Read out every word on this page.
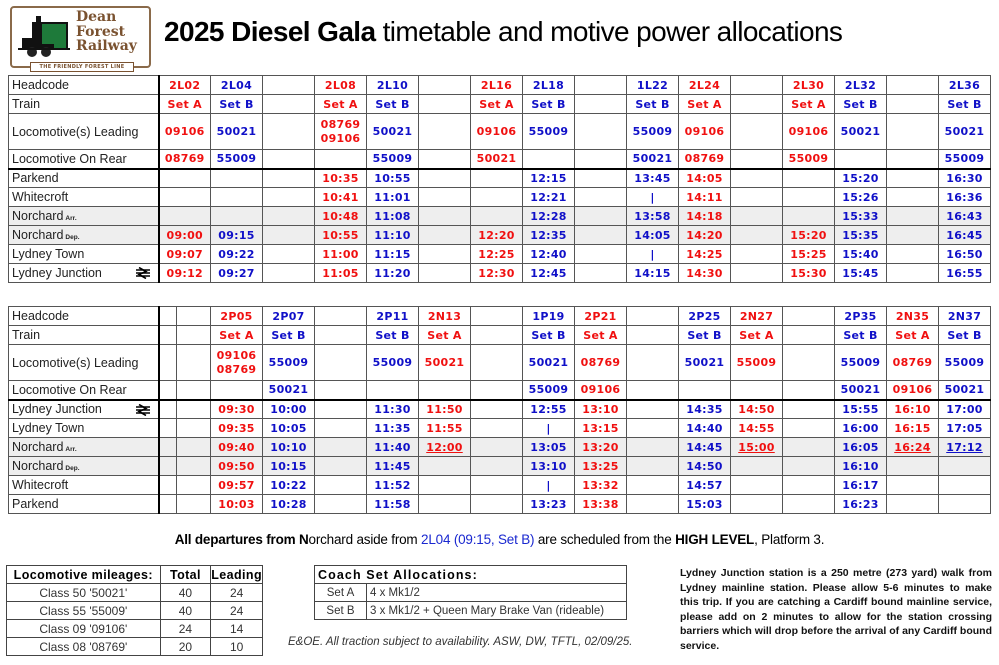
Dean
Forest
Railway
THE FRIENDLY FOREST LINE
2025 Diesel Gala timetable and motive power allocations
Headcode	2L02	2L04		2L08	2L10		2L16	2L18		1L22	2L24		2L30	2L32		2L36
Train	Set A	Set B		Set A	Set B		Set A	Set B		Set B	Set A		Set A	Set B		Set B
Locomotive(s) Leading	09106	50021		08769
09106	50021		09106	55009		55009	09106		09106	50021		50021

Locomotive On Rear	08769	55009			55009		50021			50021	08769		55009			55009
Parkend				10:35	10:55			12:15		13:45	14:05			15:20		16:30
Whitecroft				10:41	11:01			12:21		|	14:11			15:26		16:36
Norchard Arr.				10:48	11:08			12:28		13:58	14:18			15:33		16:43
Norchard Dep.	09:00	09:15		10:55	11:10		12:20	12:35		14:05	14:20		15:20	15:35		16:45
Lydney Town	09:07	09:22		11:00	11:15		12:25	12:40		|	14:25		15:25	15:40		16:50
Lydney Junction	09:12	09:27		11:05	11:20		12:30	12:45		14:15	14:30		15:30	15:45		16:55
Headcode			2P05	2P07		2P11	2N13		1P19	2P21		2P25	2N27		2P35	2N35	2N37
Train			Set A	Set B		Set B	Set A		Set B	Set A		Set B	Set A		Set B	Set A	Set B
Locomotive(s) Leading			09106
08769	55009		55009	50021		50021	08769		50021	55009		55009	08769	55009

Locomotive On Rear				50021					55009	09106					50021	09106	50021
Lydney Junction			09:30	10:00		11:30	11:50		12:55	13:10		14:35	14:50		15:55	16:10	17:00
Lydney Town			09:35	10:05		11:35	11:55		|	13:15		14:40	14:55		16:00	16:15	17:05
Norchard Arr.			09:40	10:10		11:40	12:00		13:05	13:20		14:45	15:00		16:05	16:24	17:12
Norchard Dep.			09:50	10:15		11:45			13:10	13:25		14:50			16:10		
Whitecroft			09:57	10:22		11:52			|	13:32		14:57			16:17		
Parkend			10:03	10:28		11:58			13:23	13:38		15:03			16:23		
All departures from Norchard aside from 2L04 (09:15, Set B) are scheduled from the HIGH LEVEL, Platform 3.
Locomotive mileages:	Total	Leading
Class 50 '50021'	40	24
Class 55 '55009'	40	24
Class 09 '09106'	24	14
Class 08 '08769'	20	10
Coach Set Allocations:	
Set A	4 x Mk1/2
Set B	3 x Mk1/2 + Queen Mary Brake Van (rideable)
E&OE. All traction subject to availability. ASW, DW, TFTL, 02/09/25.
Lydney Junction station is a 250 metre (273 yard) walk from Lydney mainline station. Please allow 5-6 minutes to make this trip. If you are catching a Cardiff bound mainline service, please add on 2 minutes to allow for the station crossing barriers which will drop before the arrival of any Cardiff bound service.
